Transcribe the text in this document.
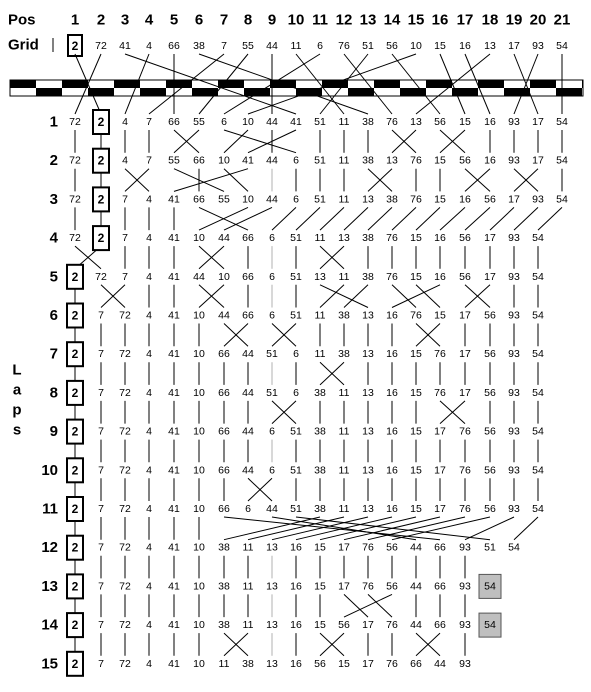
Pos
Grid
1 2 3 4 5 6 7 8 9 10 11 12 13 14 15 16 17 18 19 20 21
2 72 41 4 66 38 7 55 44 11 6 76 51 56 10 15 16 13 17 93 54
72 2 4 7 66 55 6 10 44 41 51 11 38 76 13 56 15 16 93 17 54
72 2 4 7 55 66 10 41 44 6 51 11 38 13 76 15 56 16 93 17 54
72 2 7 4 41 66 55 10 44 6 51 11 13 38 76 15 16 56 17 93 54
72 2 7 4 41 10 44 66 6 51 11 13 38 76 15 16 56 17 93 54
2 72 7 4 41 44 10 66 6 51 13 11 38 76 15 16 56 17 93 54
2 7 72 4 41 10 44 66 6 51 11 38 13 16 76 15 17 56 93 54
2 7 72 4 41 10 66 44 51 6 11 38 13 16 15 76 17 56 93 54
2 7 72 4 41 10 66 44 51 6 38 11 13 16 15 76 17 56 93 54
2 7 72 4 41 10 66 44 6 51 38 11 13 16 15 17 76 56 93 54
2 7 72 4 41 10 66 44 6 51 38 11 13 16 15 17 76 56 93 54
2 7 72 4 41 10 66 6 44 51 38 11 13 16 15 17 76 56 93 54
2 7 72 4 41 10 38 11 13 16 15 17 76 56 44 66 93 51 54
2 7 72 4 41 10 38 11 13 16 15 17 76 56 44 66 93 54
2 7 72 4 41 10 38 11 13 16 15 56 17 76 44 66 93 54
2 7 72 4 41 10 11 38 13 16 56 15 17 76 66 44 93
1
2
3
4
5
6
7
8
9
10
11
12
13
14
15
L
a
p
s
